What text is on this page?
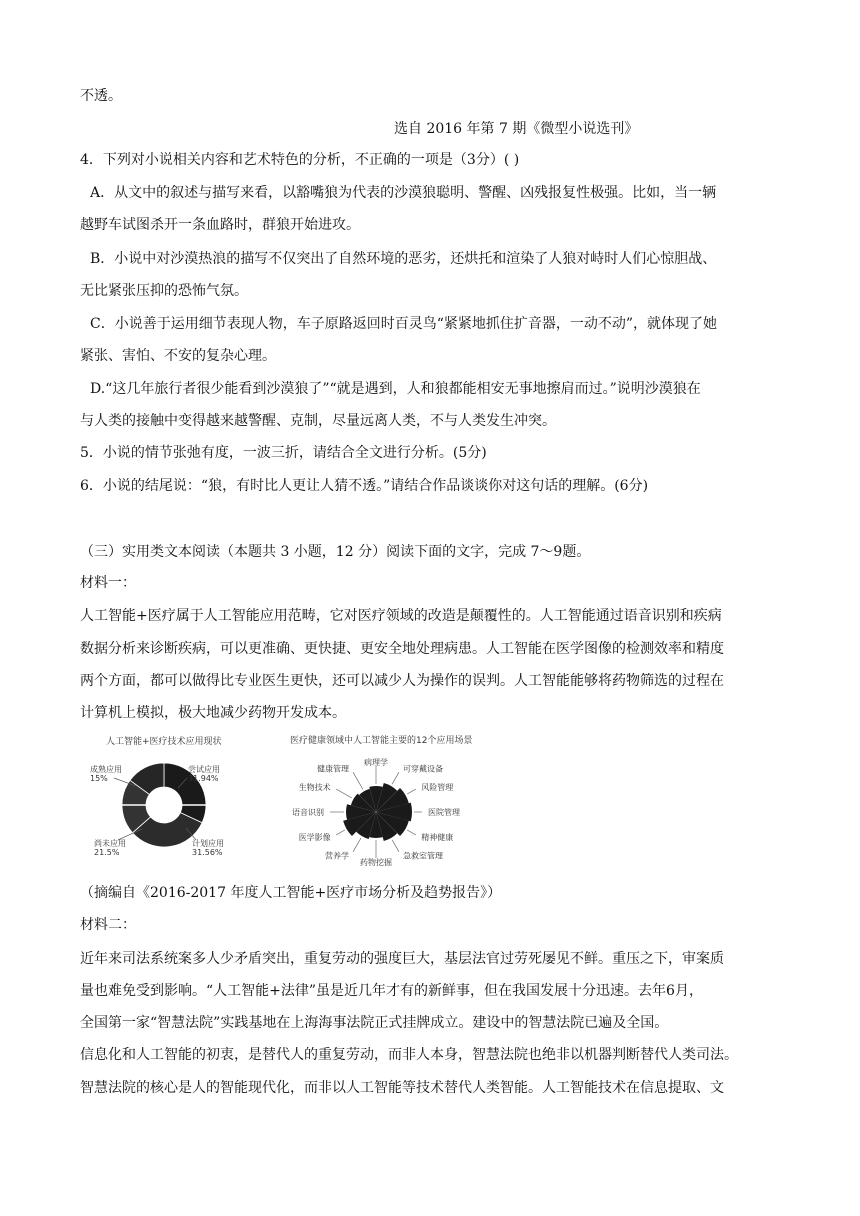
不透。
选自 2016 年第 7 期《微型小说选刊》
4．下列对小说相关内容和艺术特色的分析，不正确的一项是（3分）( )
A．从文中的叙述与描写来看，以豁嘴狼为代表的沙漠狼聪明、警醒、凶残报复性极强。比如，当一辆
越野车试图杀开一条血路时，群狼开始进攻。
B．小说中对沙漠热浪的描写不仅突出了自然环境的恶劣，还烘托和渲染了人狼对峙时人们心惊胆战、
无比紧张压抑的恐怖气氛。
C．小说善于运用细节表现人物，车子原路返回时百灵鸟“紧紧地抓住扩音器，一动不动”，就体现了她
紧张、害怕、不安的复杂心理。
D.“这几年旅行者很少能看到沙漠狼了”“就是遇到，人和狼都能相安无事地擦肩而过。”说明沙漠狼在
与人类的接触中变得越来越警醒、克制，尽量远离人类，不与人类发生冲突。
5．小说的情节张弛有度，一波三折，请结合全文进行分析。(5分)
6．小说的结尾说：“狼，有时比人更让人猜不透。”请结合作品谈谈你对这句话的理解。(6分)
（三）实用类文本阅读（本题共 3 小题，12 分）阅读下面的文字，完成 7～9题。
材料一：
人工智能+医疗属于人工智能应用范畴，它对医疗领域的改造是颠覆性的。人工智能通过语音识别和疾病
数据分析来诊断疾病，可以更准确、更快捷、更安全地处理病患。人工智能在医学图像的检测效率和精度
两个方面，都可以做得比专业医生更快，还可以减少人为操作的误判。人工智能能够将药物筛选的过程在
计算机上模拟，极大地减少药物开发成本。
人工智能+医疗技术应用现状
尝试应用
31.94%
成熟应用
15%
尚未应用
21.5%
计划应用
31.56%
医疗健康领域中人工智能主要的12个应用场景
病理学
可穿戴设备
风险管理
医院管理
精神健康
急救室管理
药物挖掘
营养学
医学影像
语音识别
生物技术
健康管理
（摘编自《2016-2017 年度人工智能+医疗市场分析及趋势报告》）
材料二：
近年来司法系统案多人少矛盾突出，重复劳动的强度巨大，基层法官过劳死屡见不鲜。重压之下，审案质
量也难免受到影响。“人工智能+法律”虽是近几年才有的新鲜事，但在我国发展十分迅速。去年6月，
全国第一家“智慧法院”实践基地在上海海事法院正式挂牌成立。建设中的智慧法院已遍及全国。
信息化和人工智能的初衷，是替代人的重复劳动，而非人本身，智慧法院也绝非以机器判断替代人类司法。
智慧法院的核心是人的智能现代化，而非以人工智能等技术替代人类智能。人工智能技术在信息提取、文
